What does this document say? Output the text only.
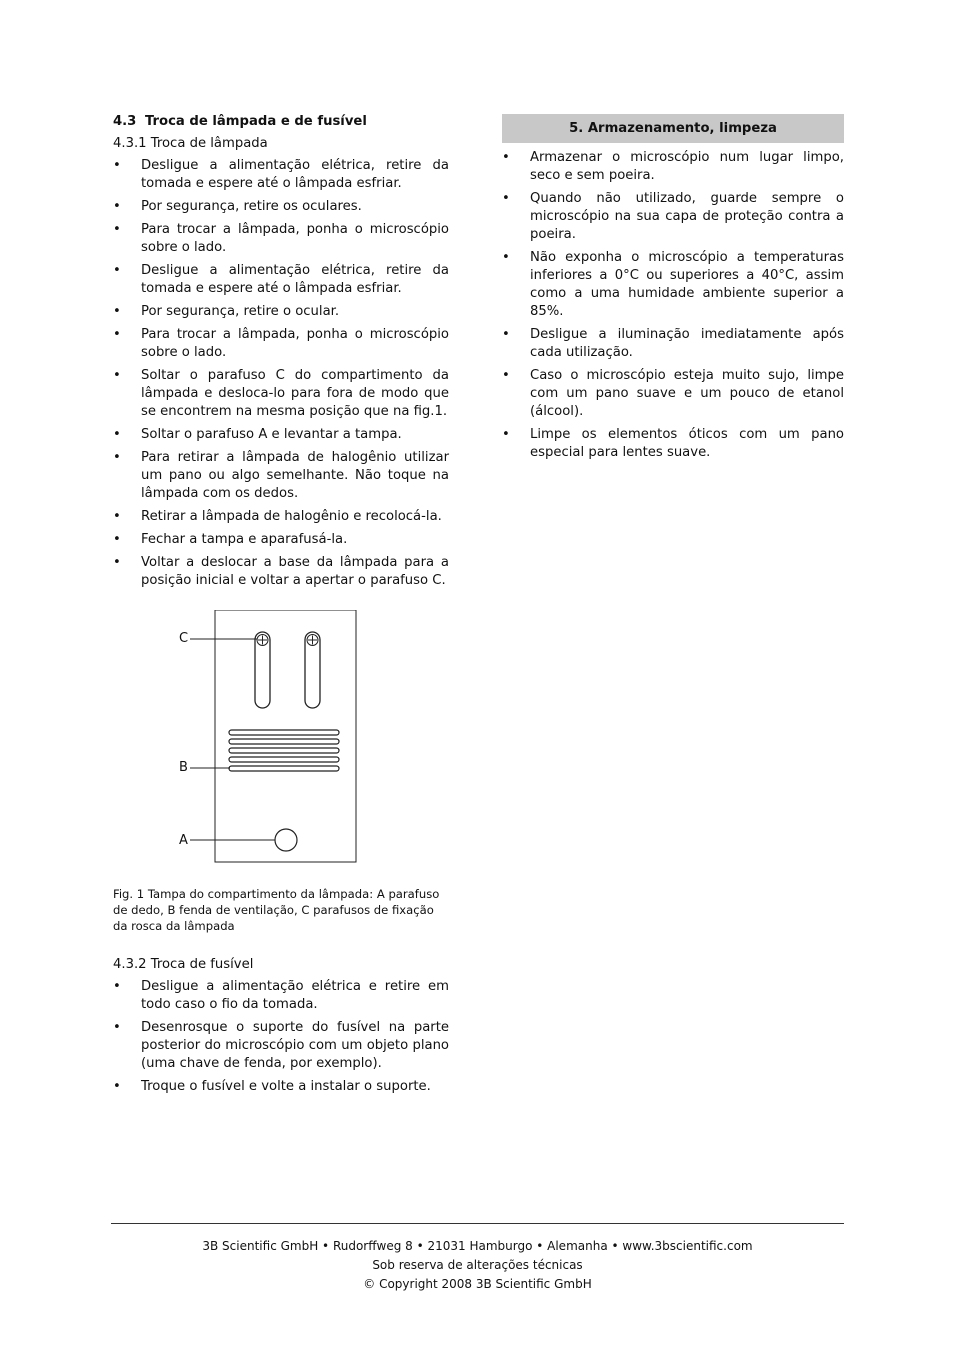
4.3 Troca de lâmpada e de fusível
4.3.1 Troca de lâmpada
• Desligue a alimentação elétrica, retire da tomada e espere até o lâmpada esfriar.
• Por segurança, retire os oculares.
• Para trocar a lâmpada, ponha o microscópio sobre o lado.
• Desligue a alimentação elétrica, retire da tomada e espere até o lâmpada esfriar.
• Por segurança, retire o ocular.
• Para trocar a lâmpada, ponha o microscópio sobre o lado.
• Soltar o parafuso C do compartimento da lâmpada e desloca-lo para fora de modo que se encontrem na mesma posição que na fig.1.
• Soltar o parafuso A e levantar a tampa.
• Para retirar a lâmpada de halogênio utilizar um pano ou algo semelhante. Não toque na lâmpada com os dedos.
• Retirar a lâmpada de halogênio e recolocá-la.
• Fechar a tampa e aparafusá-la.
• Voltar a deslocar a base da lâmpada para a posição inicial e voltar a apertar o parafuso C.
C
B
A
Fig. 1 Tampa do compartimento da lâmpada: A parafuso de dedo, B fenda de ventilação, C parafusos de fixação da rosca da lâmpada
4.3.2 Troca de fusível
• Desligue a alimentação elétrica e retire em todo caso o fio da tomada.
• Desenrosque o suporte do fusível na parte posterior do microscópio com um objeto plano (uma chave de fenda, por exemplo).
• Troque o fusível e volte a instalar o suporte.
5. Armazenamento, limpeza
• Armazenar o microscópio num lugar limpo, seco e sem poeira.
• Quando não utilizado, guarde sempre o microscópio na sua capa de proteção contra a poeira.
• Não exponha o microscópio a temperaturas inferiores a 0°C ou superiores a 40°C, assim como a uma humidade ambiente superior a 85%.
• Desligue a iluminação imediatamente após cada utilização.
• Caso o microscópio esteja muito sujo, limpe com um pano suave e um pouco de etanol (álcool).
• Limpe os elementos óticos com um pano especial para lentes suave.
3B Scientific GmbH • Rudorffweg 8 • 21031 Hamburgo • Alemanha • www.3bscientific.com
Sob reserva de alterações técnicas
© Copyright 2008 3B Scientific GmbH
